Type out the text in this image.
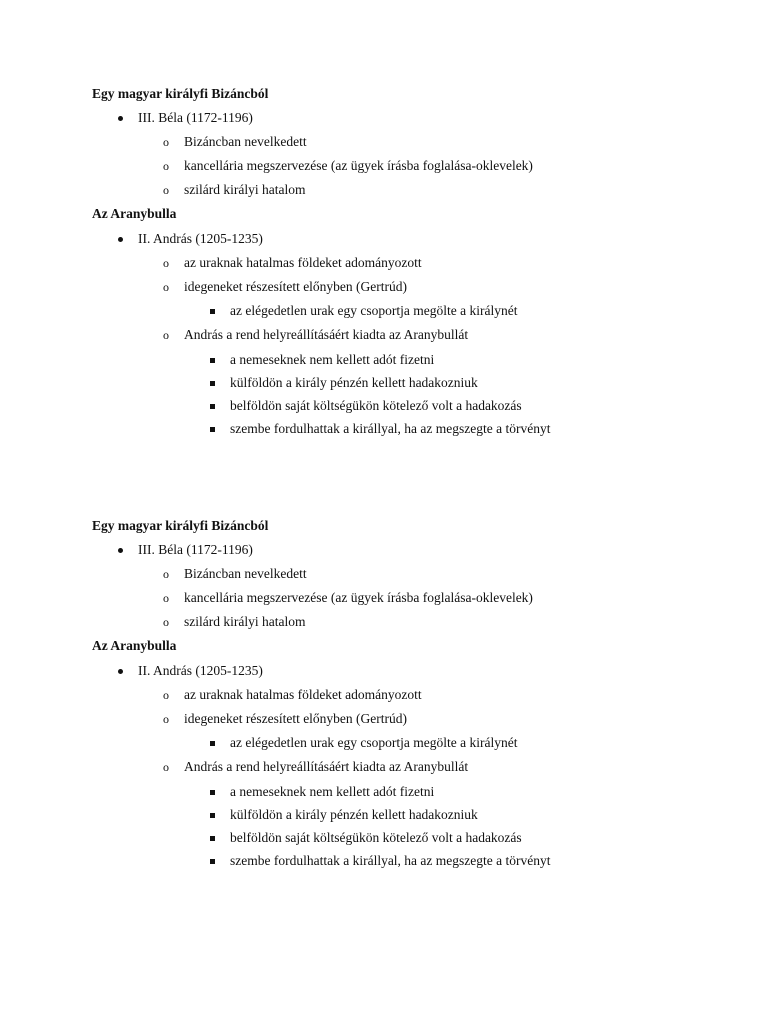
Egy magyar királyfi Bizáncból
III. Béla (1172-1196)
o Bizáncban nevelkedett
o kancellária megszervezése (az ügyek írásba foglalása-oklevelek)
o szilárd királyi hatalom
Az Aranybulla
II. András (1205-1235)
o az uraknak hatalmas földeket adományozott
o idegeneket részesített előnyben (Gertrúd)
az elégedetlen urak egy csoportja megölte a királynét
o András a rend helyreállításáért kiadta az Aranybullát
a nemeseknek nem kellett adót fizetni
külföldön a király pénzén kellett hadakozniuk
belföldön saját költségükön kötelező volt a hadakozás
szembe fordulhattak a királlyal, ha az megszegte a törvényt
Egy magyar királyfi Bizáncból
III. Béla (1172-1196)
o Bizáncban nevelkedett
o kancellária megszervezése (az ügyek írásba foglalása-oklevelek)
o szilárd királyi hatalom
Az Aranybulla
II. András (1205-1235)
o az uraknak hatalmas földeket adományozott
o idegeneket részesített előnyben (Gertrúd)
az elégedetlen urak egy csoportja megölte a királynét
o András a rend helyreállításáért kiadta az Aranybullát
a nemeseknek nem kellett adót fizetni
külföldön a király pénzén kellett hadakozniuk
belföldön saját költségükön kötelező volt a hadakozás
szembe fordulhattak a királlyal, ha az megszegte a törvényt
